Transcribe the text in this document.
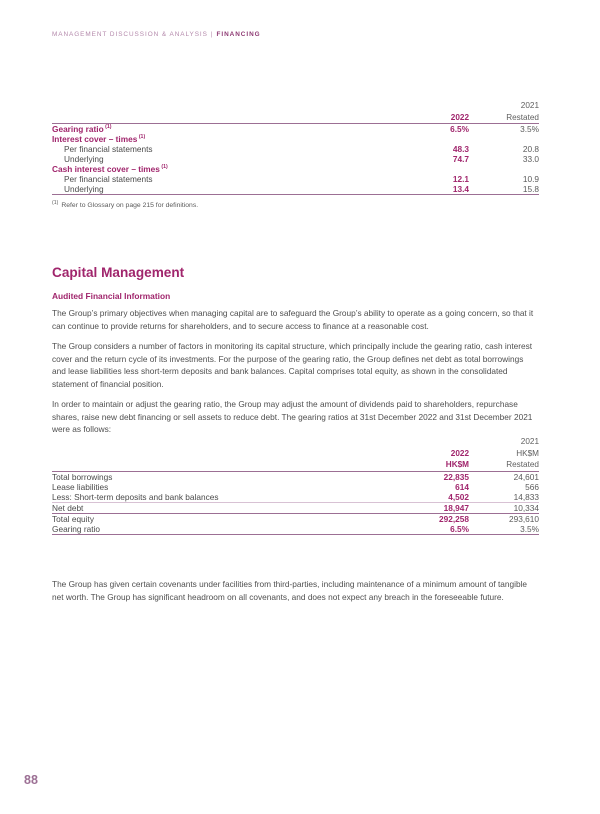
MANAGEMENT DISCUSSION & ANALYSIS | FINANCING

	2022	2021
Restated

Gearing ratio $^{(1)}$	6.5%	3.5%
Interest cover – times $^{(1)}$		
Per financial statements	48.3	20.8
Underlying	74.7	33.0
Cash interest cover – times $^{(1)}$		
Per financial statements	12.1	10.9
Underlying	13.4	15.8
$^{(1)}$ Refer to Glossary on page 215 for definitions.
Capital Management
Audited Financial Information

The Group’s primary objectives when managing capital are to safeguard the Group’s ability to operate as a going concern, so that it can continue to provide returns for shareholders, and to secure access to finance at a reasonable cost.

The Group considers a number of factors in monitoring its capital structure, which principally include the gearing ratio, cash interest cover and the return cycle of its investments. For the purpose of the gearing ratio, the Group defines net debt as total borrowings and lease liabilities less short-term deposits and bank balances. Capital comprises total equity, as shown in the consolidated statement of financial position.

In order to maintain or adjust the gearing ratio, the Group may adjust the amount of dividends paid to shareholders, repurchase shares, raise new debt financing or sell assets to reduce debt. The gearing ratios at 31st December 2022 and 31st December 2021 were as follows:

	2022
HK$M	2021
HK$M
Restated

Total borrowings	22,835	24,601
Lease liabilities	614	566
Less: Short-term deposits and bank balances	4,502	14,833
Net debt	18,947	10,334
Total equity	292,258	293,610
Gearing ratio	6.5%	3.5%

The Group has given certain covenants under facilities from third-parties, including maintenance of a minimum amount of tangible net worth. The Group has significant headroom on all covenants, and does not expect any breach in the foreseeable future.

88
